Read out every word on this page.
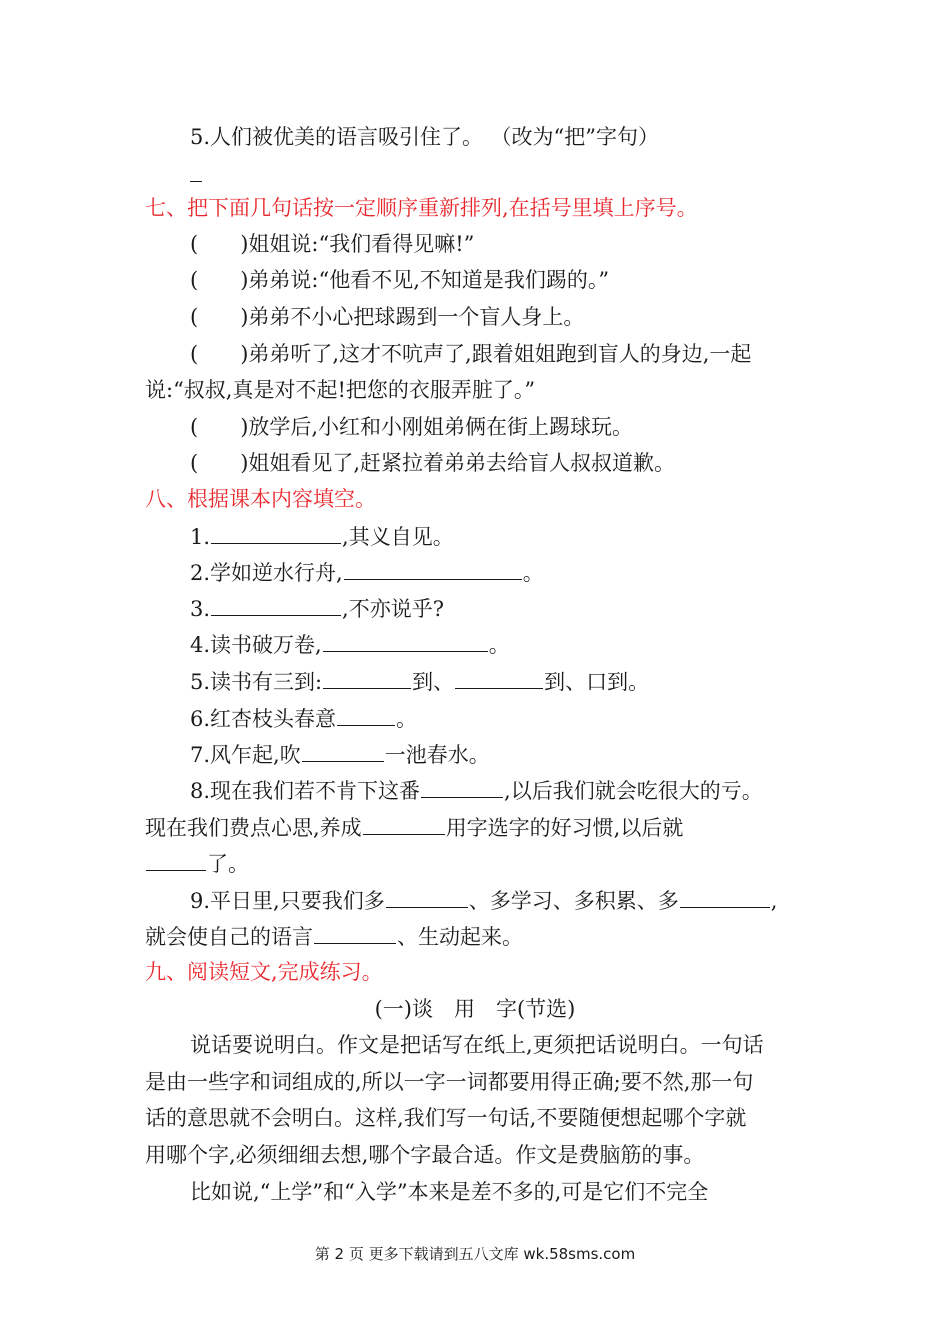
5.人们被优美的语言吸引住了。 （改为“把”字句）
七、把下面几句话按一定顺序重新排列,在括号里填上序号。
(　　)姐姐说:“我们看得见嘛!”
(　　)弟弟说:“他看不见,不知道是我们踢的。”
(　　)弟弟不小心把球踢到一个盲人身上。
(　　)弟弟听了,这才不吭声了,跟着姐姐跑到盲人的身边,一起
说:“叔叔,真是对不起!把您的衣服弄脏了。”
(　　)放学后,小红和小刚姐弟俩在街上踢球玩。
(　　)姐姐看见了,赶紧拉着弟弟去给盲人叔叔道歉。
八、根据课本内容填空。
1.	,其义自见。
2.学如逆水行舟,	。
3.	,不亦说乎?
4.读书破万卷,	。
5.读书有三到:	到、	到、口到。
6.红杏枝头春意	。
7.风乍起,吹	一池春水。
8.现在我们若不肯下这番	,以后我们就会吃很大的亏。
现在我们费点心思,养成	用字选字的好习惯,以后就
了。
9.平日里,只要我们多	、多学习、多积累、多	,
就会使自己的语言	、生动起来。
九、阅读短文,完成练习。
(一)谈　用　字(节选)
说话要说明白。作文是把话写在纸上,更须把话说明白。一句话
是由一些字和词组成的,所以一字一词都要用得正确;要不然,那一句
话的意思就不会明白。这样,我们写一句话,不要随便想起哪个字就
用哪个字,必须细细去想,哪个字最合适。作文是费脑筋的事。
比如说,“上学”和“入学”本来是差不多的,可是它们不完全
第 2 页 更多下载请到五八文库 wk.58sms.com
